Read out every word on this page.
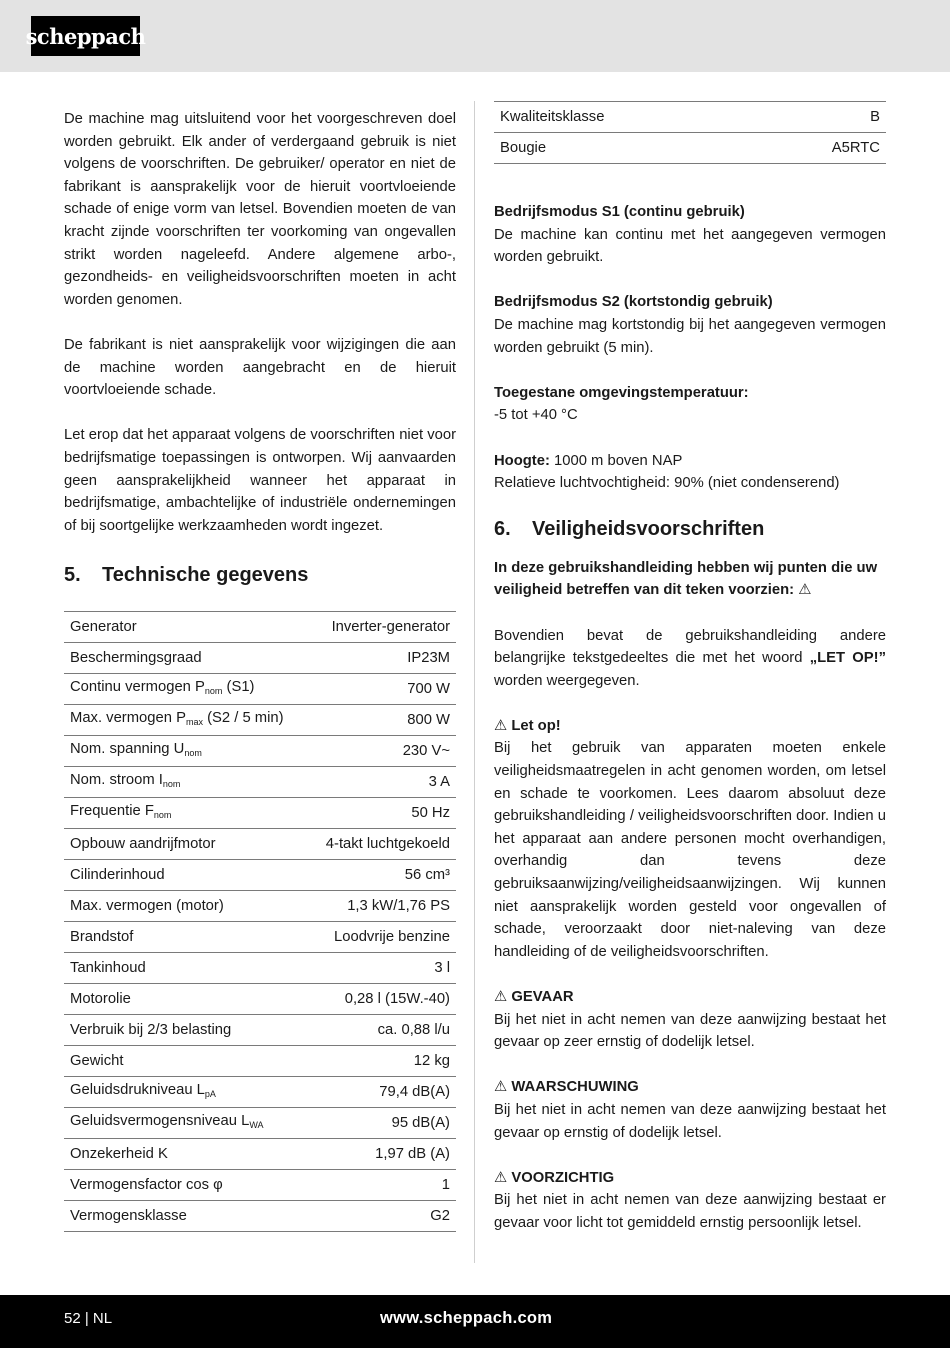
scheppach

De machine mag uitsluitend voor het voorgeschreven doel worden gebruikt. Elk ander of verdergaand gebruik is niet volgens de voorschriften. De gebruiker/ operator en niet de fabrikant is aansprakelijk voor de hieruit voortvloeiende schade of enige vorm van letsel. Bovendien moeten de van kracht zijnde voorschriften ter voorkoming van ongevallen strikt worden nageleefd. Andere algemene arbo-, gezondheids- en veiligheidsvoorschriften moeten in acht worden genomen.

De fabrikant is niet aansprakelijk voor wijzigingen die aan de machine worden aangebracht en de hieruit voortvloeiende schade.

Let erop dat het apparaat volgens de voorschriften niet voor bedrijfsmatige toepassingen is ontworpen. Wij aanvaarden geen aansprakelijkheid wanneer het apparaat in bedrijfsmatige, ambachtelijke of industriële ondernemingen of bij soortgelijke werkzaamheden wordt ingezet.

5.	Technische gegevens
Generator	Inverter-generator
Beschermingsgraad	IP23M
Continu vermogen $P_{nom}$ (S1)	700 W
Max. vermogen $P_{max}$ (S2 / 5 min)	800 W
Nom. spanning $U_{nom}$	230 V~
Nom. stroom $I_{nom}$	3 A
Frequentie $F_{nom}$	50 Hz
Opbouw aandrijfmotor	4-takt luchtgekoeld
Cilinderinhoud	56 cm³
Max. vermogen (motor)	1,3 kW/1,76 PS
Brandstof	Loodvrije benzine
Tankinhoud	3 l
Motorolie	0,28 l (15W.-40)
Verbruik bij 2/3 belasting	ca. 0,88 l/u
Gewicht	12 kg
Geluidsdrukniveau $L_{pA}$	79,4 dB(A)
Geluidsvermogensniveau $L_{WA}$	95 dB(A)
Onzekerheid K	1,97 dB (A)
Vermogensfactor cos φ	1
Vermogensklasse	G2
Kwaliteitsklasse	B
Bougie	A5RTC

Bedrijfsmodus S1 (continu gebruik)

De machine kan continu met het aangegeven vermogen worden gebruikt.

Bedrijfsmodus S2 (kortstondig gebruik)

De machine mag kortstondig bij het aangegeven vermogen worden gebruikt (5 min).

Toegestane omgevingstemperatuur:

-5 tot +40 °C

Hoogte: 1000 m boven NAP

Relatieve luchtvochtigheid: 90% (niet condenserend)

6.	Veiligheidsvoorschriften

In deze gebruikshandleiding hebben wij punten die uw veiligheid betreffen van dit teken voorzien: ⚠

Bovendien bevat de gebruikshandleiding andere belangrijke tekstgedeeltes die met het woord „LET OP!” worden weergegeven.

⚠ Let op!

Bij het gebruik van apparaten moeten enkele veiligheidsmaatregelen in acht genomen worden, om letsel en schade te voorkomen. Lees daarom absoluut deze gebruikshandleiding / veiligheidsvoorschriften door. Indien u het apparaat aan andere personen mocht overhandigen, overhandig dan tevens deze gebruiksaanwijzing/veiligheidsaanwijzingen. Wij kunnen niet aansprakelijk worden gesteld voor ongevallen of schade, veroorzaakt door niet-naleving van deze handleiding of de veiligheidsvoorschriften.

⚠ GEVAAR

Bij het niet in acht nemen van deze aanwijzing bestaat het gevaar op zeer ernstig of dodelijk letsel.

⚠ WAARSCHUWING

Bij het niet in acht nemen van deze aanwijzing bestaat het gevaar op ernstig of dodelijk letsel.

⚠ VOORZICHTIG

Bij het niet in acht nemen van deze aanwijzing bestaat er gevaar voor licht tot gemiddeld ernstig persoonlijk letsel.

52 | NL	www.scheppach.com
